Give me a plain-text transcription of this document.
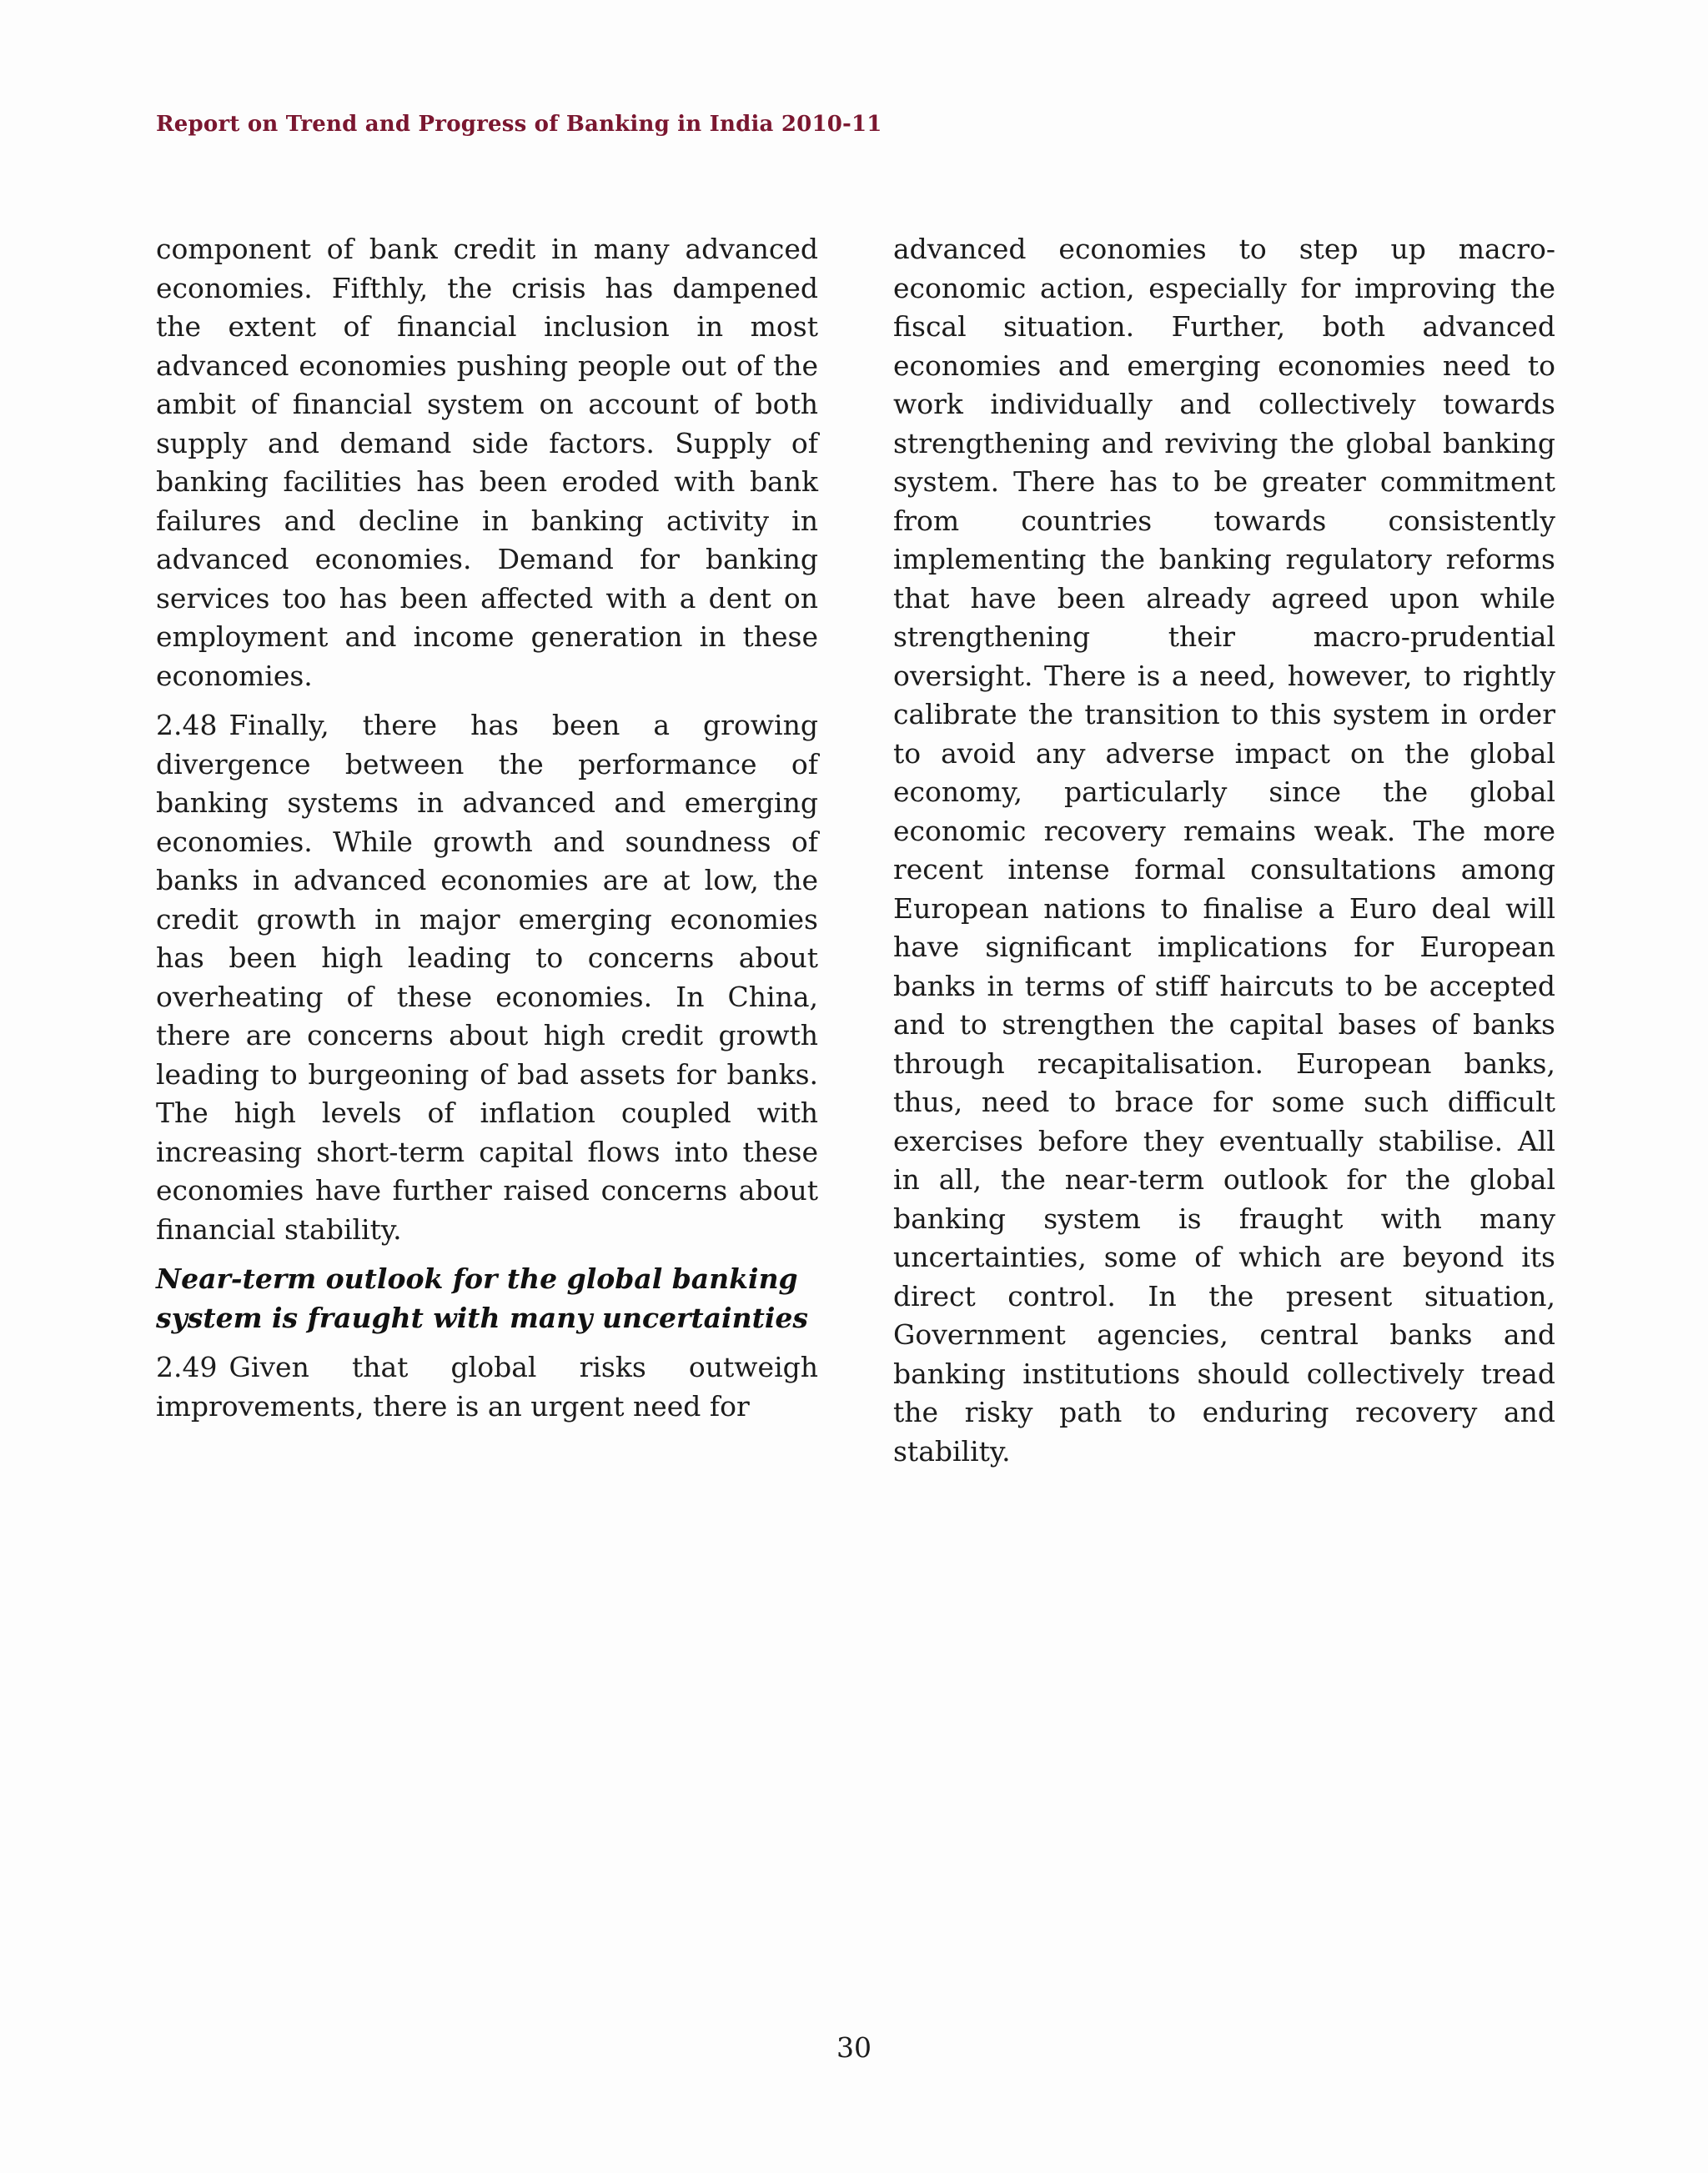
Report on Trend and Progress of Banking in India 2010-11

component of bank credit in many advanced economies. Fifthly, the crisis has dampened the extent of financial inclusion in most advanced economies pushing people out of the ambit of financial system on account of both supply and demand side factors. Supply of banking facilities has been eroded with bank failures and decline in banking activity in advanced economies. Demand for banking services too has been affected with a dent on employment and income generation in these economies.

2.48 Finally, there has been a growing divergence between the performance of banking systems in advanced and emerging economies. While growth and soundness of banks in advanced economies are at low, the credit growth in major emerging economies has been high leading to concerns about overheating of these economies. In China, there are concerns about high credit growth leading to burgeoning of bad assets for banks. The high levels of inflation coupled with increasing short-term capital flows into these economies have further raised concerns about financial stability.

Near-term outlook for the global banking system is fraught with many uncertainties

2.49 Given that global risks outweigh improvements, there is an urgent need for

advanced economies to step up macro-economic action, especially for improving the fiscal situation. Further, both advanced economies and emerging economies need to work individually and collectively towards strengthening and reviving the global banking system. There has to be greater commitment from countries towards consistently implementing the banking regulatory reforms that have been already agreed upon while strengthening their macro-prudential oversight. There is a need, however, to rightly calibrate the transition to this system in order to avoid any adverse impact on the global economy, particularly since the global economic recovery remains weak. The more recent intense formal consultations among European nations to finalise a Euro deal will have significant implications for European banks in terms of stiff haircuts to be accepted and to strengthen the capital bases of banks through recapitalisation. European banks, thus, need to brace for some such difficult exercises before they eventually stabilise. All in all, the near-term outlook for the global banking system is fraught with many uncertainties, some of which are beyond its direct control. In the present situation, Government agencies, central banks and banking institutions should collectively tread the risky path to enduring recovery and stability.

30
